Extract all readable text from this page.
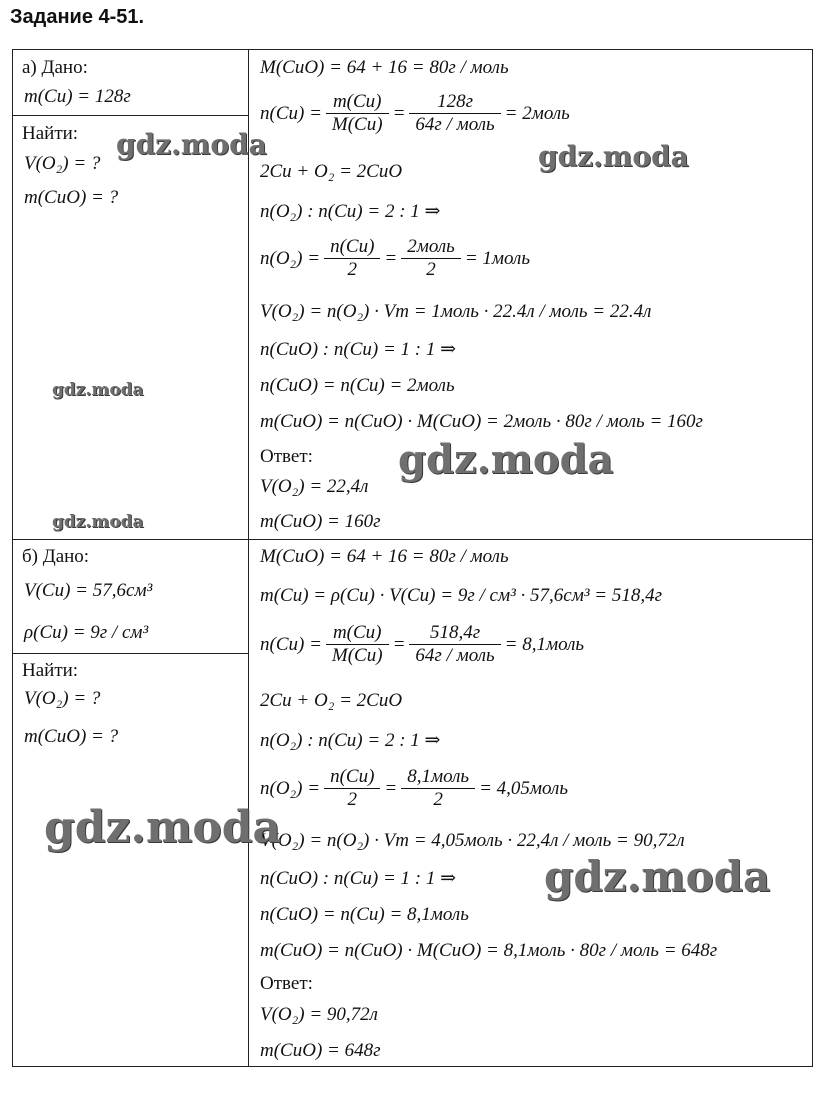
Задание 4-51.
а) Дано:
m(Cu) = 128г
Найти:
V(O₂) = ?
m(CuO) = ?
M(CuO) = 64 + 16 = 80г / моль
$n(Cu) = \frac{m(Cu)}{M(Cu)} = \frac{128г}{\text{64г / моль}}$ = 2моль
2Cu + O₂ = 2CuO
n(O₂) : n(Cu) = 2 : 1 ⇒
$n(O_2) = \frac{n(Cu)}{2} = \frac{\text{2моль}}{2}$ = 1моль
V(O₂) = n(O₂) · Vm = 1моль · 22.4л / моль = 22.4л
n(CuO) : n(Cu) = 1 : 1 ⇒
n(CuO) = n(Cu) = 2моль
m(CuO) = n(CuO) · M(CuO) = 2моль · 80г / моль = 160г
Ответ:
V(O₂) = 22,4л
m(CuO) = 160г
б) Дано:
V(Cu) = 57,6см³
ρ(Cu) = 9г / см³
Найти:
V(O₂) = ?
m(CuO) = ?
M(CuO) = 64 + 16 = 80г / моль
m(Cu) = ρ(Cu) · V(Cu) = 9г / см³ · 57,6см³ = 518,4г
$n(Cu) = \frac{m(Cu)}{M(Cu)} = \frac{518,4г}{\text{64г / моль}}$ = 8,1моль
2Cu + O₂ = 2CuO
n(O₂) : n(Cu) = 2 : 1 ⇒
$n(O_2) = \frac{n(Cu)}{2} = \frac{\text{8,1моль}}{2}$ = 4,05моль
V(O₂) = n(O₂) · Vm = 4,05моль · 22,4л / моль = 90,72л
n(CuO) : n(Cu) = 1 : 1 ⇒
n(CuO) = n(Cu) = 8,1моль
m(CuO) = n(CuO) · M(CuO) = 8,1моль · 80г / моль = 648г
Ответ:
V(O₂) = 90,72л
m(CuO) = 648г
gdz.moda	gdz.moda
gdz.moda
gdz.moda
gdz.moda
gdz.moda
gdz.moda
